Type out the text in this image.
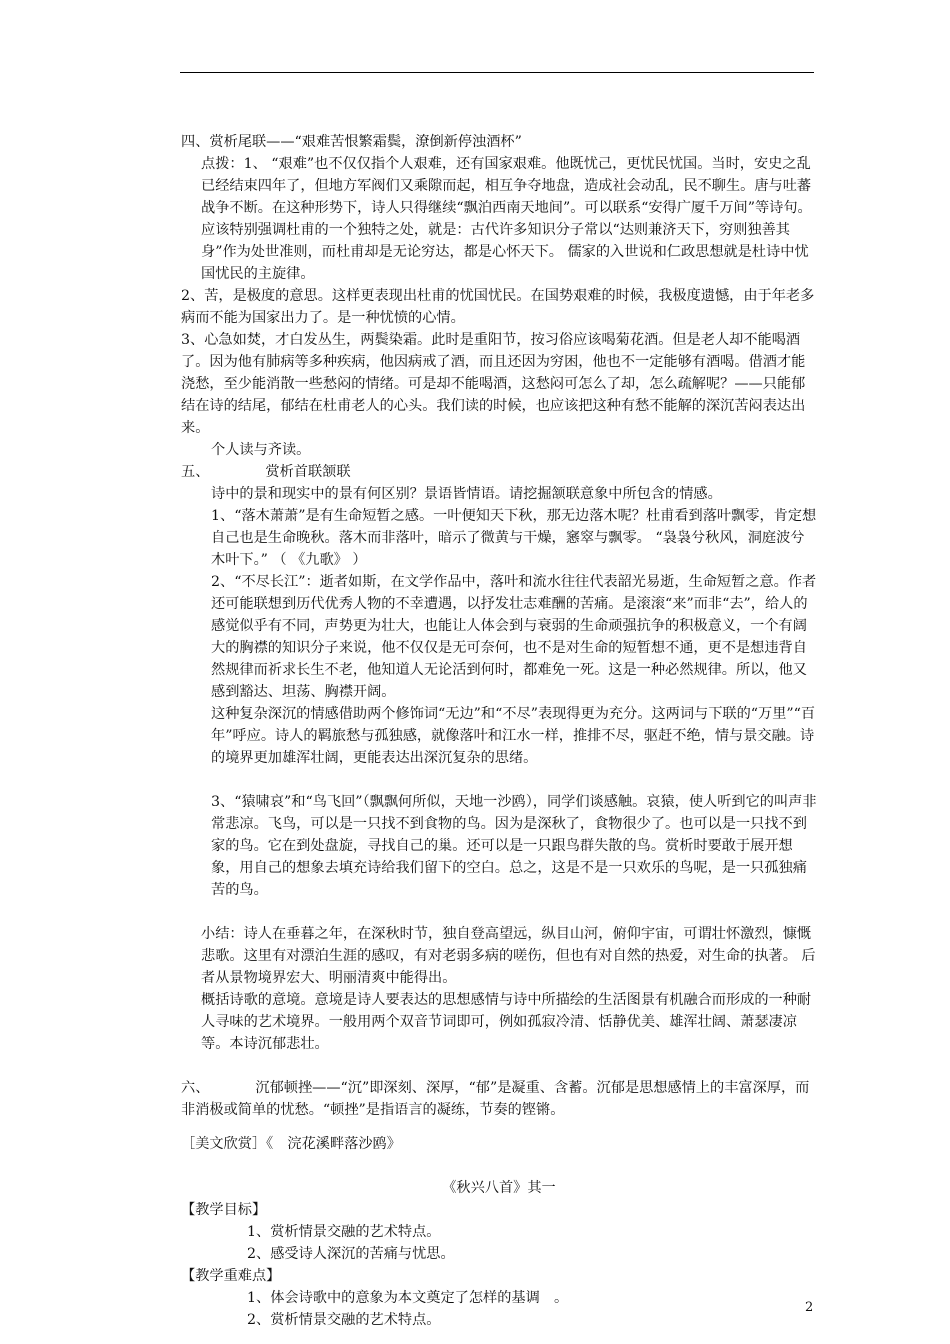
四、赏析尾联——“艰难苦恨繁霜鬓，潦倒新停浊酒杯”

点拨：1、 “艰难”也不仅仅指个人艰难，还有国家艰难。他既忧己，更忧民忧国。当时，安史之乱已经结束四年了，但地方军阀们又乘隙而起，相互争夺地盘，造成社会动乱，民不聊生。唐与吐蕃战争不断。在这种形势下，诗人只得继续“飘泊西南天地间”。可以联系“安得广厦千万间”等诗句。应该特别强调杜甫的一个独特之处，就是：古代许多知识分子常以“达则兼济天下，穷则独善其身”作为处世准则，而杜甫却是无论穷达，都是心怀天下。 儒家的入世说和仁政思想就是杜诗中忧国忧民的主旋律。

2、苦，是极度的意思。这样更表现出杜甫的忧国忧民。在国势艰难的时候，我极度遗憾，由于年老多病而不能为国家出力了。是一种忧愤的心情。

3、心急如焚，才白发丛生，两鬓染霜。此时是重阳节，按习俗应该喝菊花酒。但是老人却不能喝酒了。因为他有肺病等多种疾病，他因病戒了酒，而且还因为穷困，他也不一定能够有酒喝。借酒才能浇愁，至少能消散一些愁闷的情绪。可是却不能喝酒，这愁闷可怎么了却，怎么疏解呢？——只能郁结在诗的结尾，郁结在杜甫老人的心头。我们读的时候，也应该把这种有愁不能解的深沉苦闷表达出来。

个人读与齐读。

五、	赏析首联颔联

诗中的景和现实中的景有何区别？景语皆情语。请挖掘颔联意象中所包含的情感。

1、“落木萧萧”是有生命短暂之感。一叶便知天下秋，那无边落木呢？杜甫看到落叶飘零，肯定想自己也是生命晚秋。落木而非落叶，暗示了微黄与干燥，窸窣与飘零。 “袅袅兮秋风，洞庭波兮木叶下。” （ 《九歌》 ）

2、“不尽长江”：逝者如斯，在文学作品中，落叶和流水往往代表韶光易逝，生命短暂之意。作者还可能联想到历代优秀人物的不幸遭遇，以抒发壮志难酬的苦痛。是滚滚“来”而非“去”，给人的感觉似乎有不同，声势更为壮大，也能让人体会到与衰弱的生命顽强抗争的积极意义，一个有阔大的胸襟的知识分子来说，他不仅仅是无可奈何，也不是对生命的短暂想不通，更不是想违背自然规律而祈求长生不老，他知道人无论活到何时，都难免一死。这是一种必然规律。所以，他又感到豁达、坦荡、胸襟开阔。

这种复杂深沉的情感借助两个修饰词“无边”和“不尽”表现得更为充分。这两词与下联的“万里”“百年”呼应。诗人的羁旅愁与孤独感，就像落叶和江水一样，推排不尽，驱赶不绝，情与景交融。诗的境界更加雄浑壮阔，更能表达出深沉复杂的思绪。

3、“猿啸哀”和“鸟飞回”（飘飘何所似，天地一沙鸥），同学们谈感触。哀猿，使人听到它的叫声非常悲凉。飞鸟，可以是一只找不到食物的鸟。因为是深秋了，食物很少了。也可以是一只找不到家的鸟。它在到处盘旋，寻找自己的巢。还可以是一只跟鸟群失散的鸟。赏析时要敢于展开想象，用自己的想象去填充诗给我们留下的空白。总之，这是不是一只欢乐的鸟呢，是一只孤独痛苦的鸟。

小结：诗人在垂暮之年，在深秋时节，独自登高望远，纵目山河，俯仰宇宙，可谓壮怀激烈，慷慨悲歌。这里有对漂泊生涯的感叹，有对老弱多病的嗟伤，但也有对自然的热爱，对生命的执著。 后者从景物境界宏大、明丽清爽中能得出。

概括诗歌的意境。意境是诗人要表达的思想感情与诗中所描绘的生活图景有机融合而形成的一种耐人寻味的艺术境界。一般用两个双音节词即可，例如孤寂冷清、恬静优美、雄浑壮阔、萧瑟凄凉等。本诗沉郁悲壮。

六、	沉郁顿挫——“沉”即深刻、深厚，“郁”是凝重、含蓄。沉郁是思想感情上的丰富深厚，而非消极或简单的忧愁。“顿挫”是指语言的凝练，节奏的铿锵。

［美文欣赏］《　浣花溪畔落沙鸥》

《秋兴八首》其一

【教学目标】

1、赏析情景交融的艺术特点。

2、感受诗人深沉的苦痛与忧思。

【教学重难点】

1、体会诗歌中的意象为本文奠定了怎样的基调　。

2、赏析情景交融的艺术特点。

2
